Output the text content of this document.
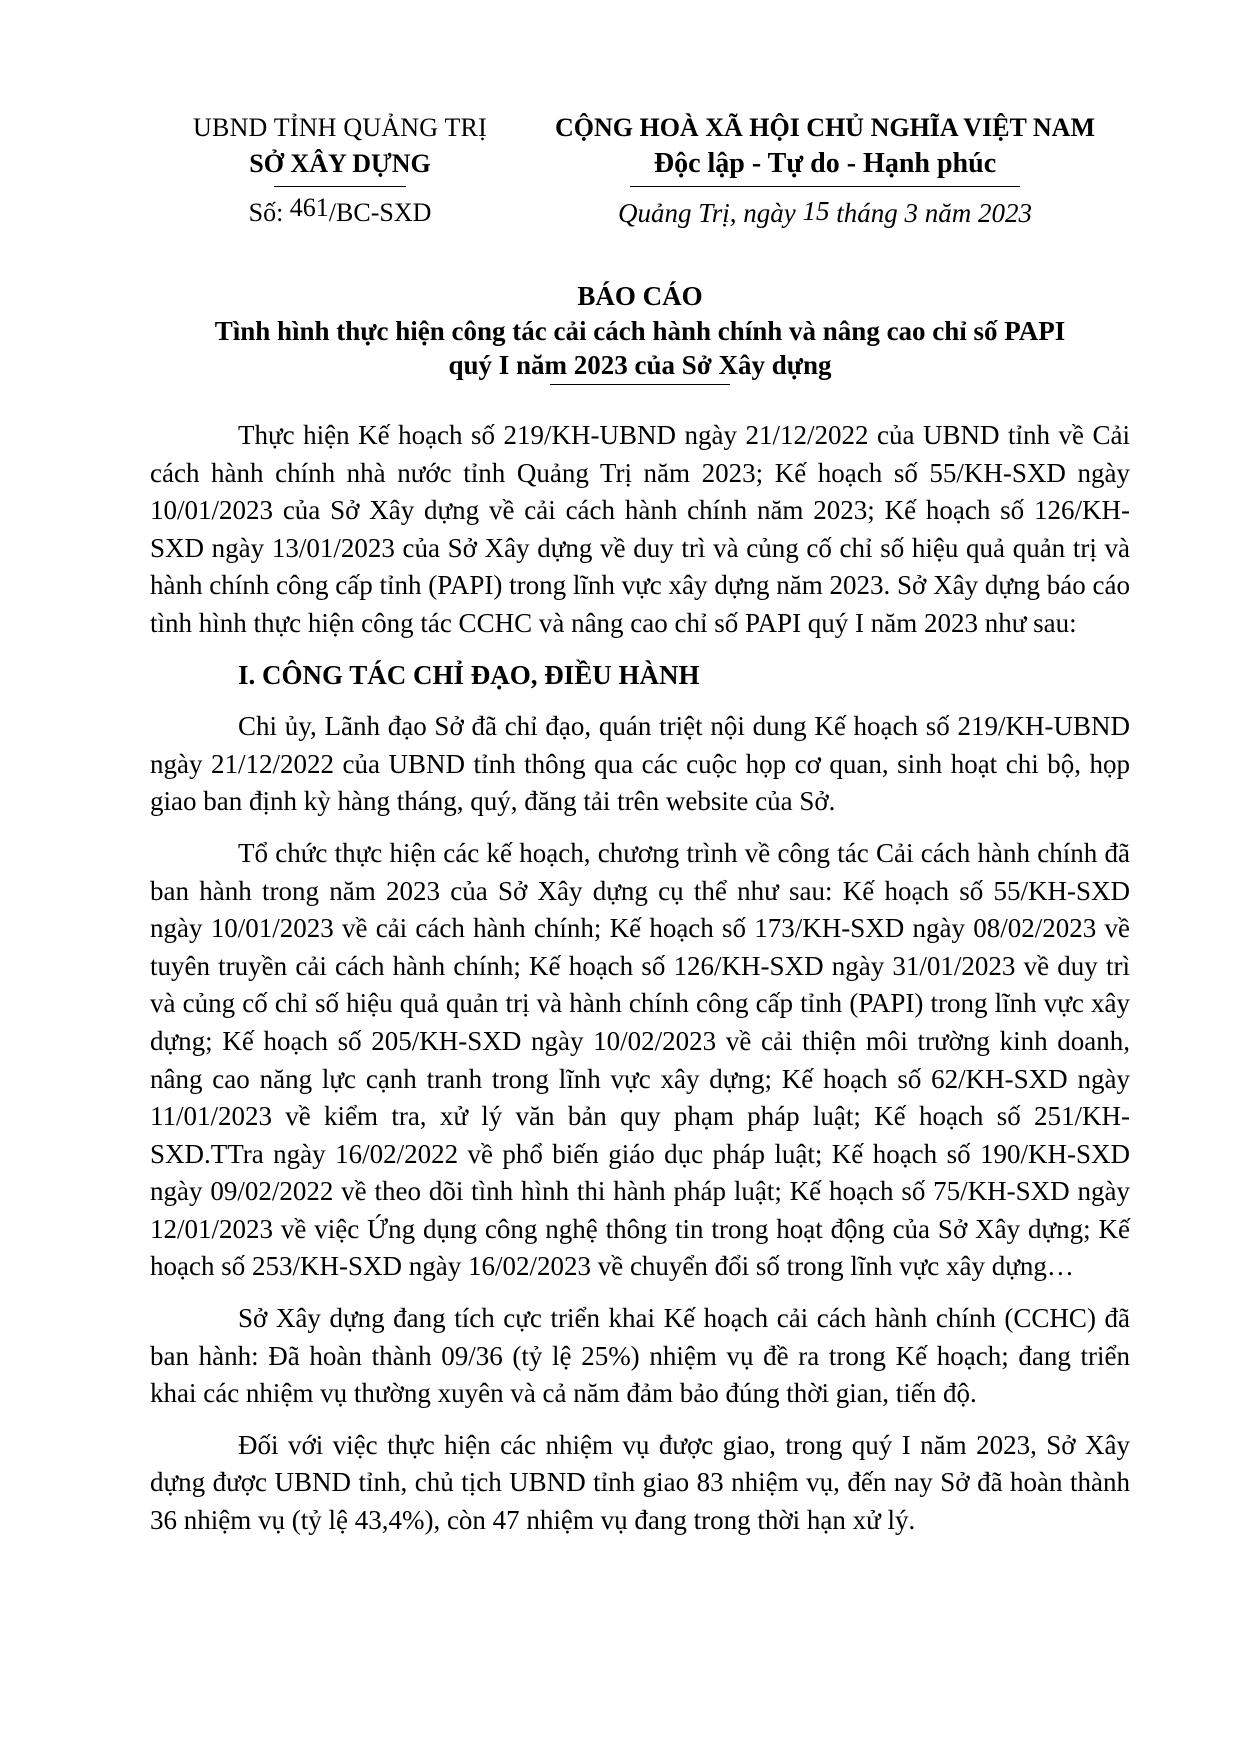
UBND TỈNH QUẢNG TRỊ
SỞ XÂY DỰNG
Số: 461/BC-SXD
CỘNG HOÀ XÃ HỘI CHỦ NGHĨA VIỆT NAM
Độc lập - Tự do - Hạnh phúc
Quảng Trị, ngày 15 tháng 3 năm 2023
BÁO CÁO
Tình hình thực hiện công tác cải cách hành chính và nâng cao chỉ số PAPI
quý I năm 2023 của Sở Xây dựng

Thực hiện Kế hoạch số 219/KH-UBND ngày 21/12/2022 của UBND tỉnh về Cải cách hành chính nhà nước tỉnh Quảng Trị năm 2023; Kế hoạch số 55/KH-SXD ngày 10/01/2023 của Sở Xây dựng về cải cách hành chính năm 2023; Kế hoạch số 126/KH-SXD ngày 13/01/2023 của Sở Xây dựng về duy trì và củng cố chỉ số hiệu quả quản trị và hành chính công cấp tỉnh (PAPI) trong lĩnh vực xây dựng năm 2023. Sở Xây dựng báo cáo tình hình thực hiện công tác CCHC và nâng cao chỉ số PAPI quý I năm 2023 như sau:

I. CÔNG TÁC CHỈ ĐẠO, ĐIỀU HÀNH

Chi ủy, Lãnh đạo Sở đã chỉ đạo, quán triệt nội dung Kế hoạch số 219/KH-UBND ngày 21/12/2022 của UBND tỉnh thông qua các cuộc họp cơ quan, sinh hoạt chi bộ, họp giao ban định kỳ hàng tháng, quý, đăng tải trên website của Sở.

Tổ chức thực hiện các kế hoạch, chương trình về công tác Cải cách hành chính đã ban hành trong năm 2023 của Sở Xây dựng cụ thể như sau: Kế hoạch số 55/KH-SXD ngày 10/01/2023 về cải cách hành chính; Kế hoạch số 173/KH-SXD ngày 08/02/2023 về tuyên truyền cải cách hành chính; Kế hoạch số 126/KH-SXD ngày 31/01/2023 về duy trì và củng cố chỉ số hiệu quả quản trị và hành chính công cấp tỉnh (PAPI) trong lĩnh vực xây dựng; Kế hoạch số 205/KH-SXD ngày 10/02/2023 về cải thiện môi trường kinh doanh, nâng cao năng lực cạnh tranh trong lĩnh vực xây dựng; Kế hoạch số 62/KH-SXD ngày 11/01/2023 về kiểm tra, xử lý văn bản quy phạm pháp luật; Kế hoạch số 251/KH-SXD.TTra ngày 16/02/2022 về phổ biến giáo dục pháp luật; Kế hoạch số 190/KH-SXD ngày 09/02/2022 về theo dõi tình hình thi hành pháp luật; Kế hoạch số 75/KH-SXD ngày 12/01/2023 về việc Ứng dụng công nghệ thông tin trong hoạt động của Sở Xây dựng; Kế hoạch số 253/KH-SXD ngày 16/02/2023 về chuyển đổi số trong lĩnh vực xây dựng…

Sở Xây dựng đang tích cực triển khai Kế hoạch cải cách hành chính (CCHC) đã ban hành: Đã hoàn thành 09/36 (tỷ lệ 25%) nhiệm vụ đề ra trong Kế hoạch; đang triển khai các nhiệm vụ thường xuyên và cả năm đảm bảo đúng thời gian, tiến độ.

Đối với việc thực hiện các nhiệm vụ được giao, trong quý I năm 2023, Sở Xây dựng được UBND tỉnh, chủ tịch UBND tỉnh giao 83 nhiệm vụ, đến nay Sở đã hoàn thành 36 nhiệm vụ (tỷ lệ 43,4%), còn 47 nhiệm vụ đang trong thời hạn xử lý.
